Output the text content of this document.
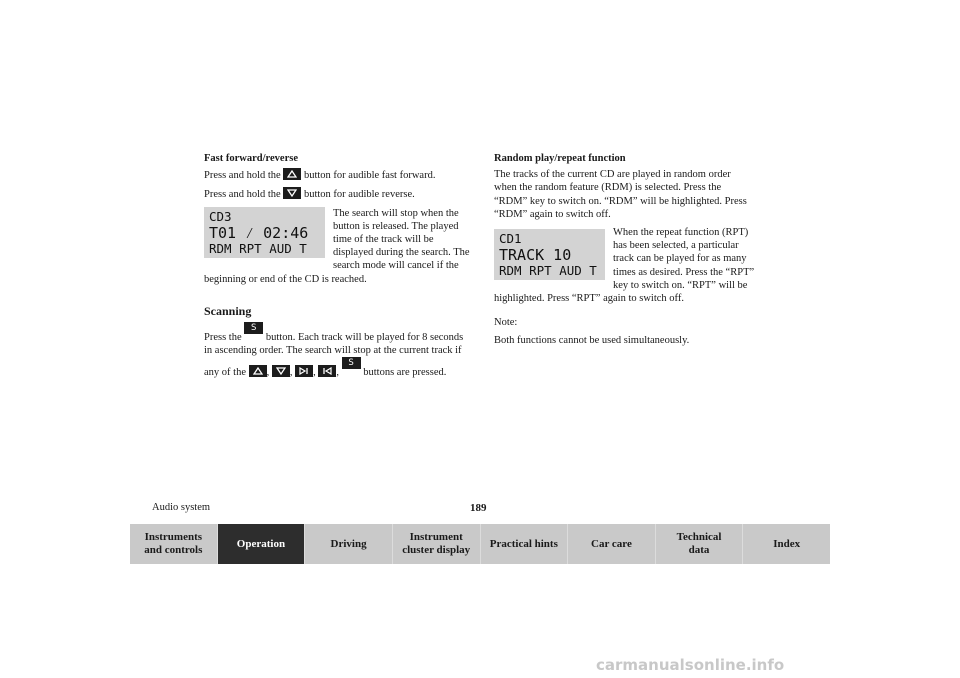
Fast forward/reverse

Press and hold the button for audible fast forward.

Press and hold the button for audible reverse.

CD3
T01 ⁄ 02:46
RDM RPT AUD T

The search will stop when the button is released. The played time of the track will be displayed during the search. The search mode will cancel if the beginning or end of the CD is reached.

Scanning

Press the S C button. Each track will be played for 8 seconds in ascending order. The search will stop at the current track if any of the , , , , S C buttons are pressed.

Random play/repeat function

The tracks of the current CD are played in random order when the random feature (RDM) is selected. Press the “RDM” key to switch on. “RDM” will be highlighted. Press “RDM” again to switch off.

CD1
TRACK 10
RDM RPT AUD T

When the repeat function (RPT) has been selected, a particular track can be played for as many times as desired. Press the “RPT” key to switch on. “RPT” will be highlighted. Press “RPT” again to switch off.

Note:

Both functions cannot be used simultaneously.

Audio system	189
Instruments
and controls
Operation	Driving
Instrument
cluster display
Practical hints	Car care
Technical
data
Index
carmanualsonline.info
